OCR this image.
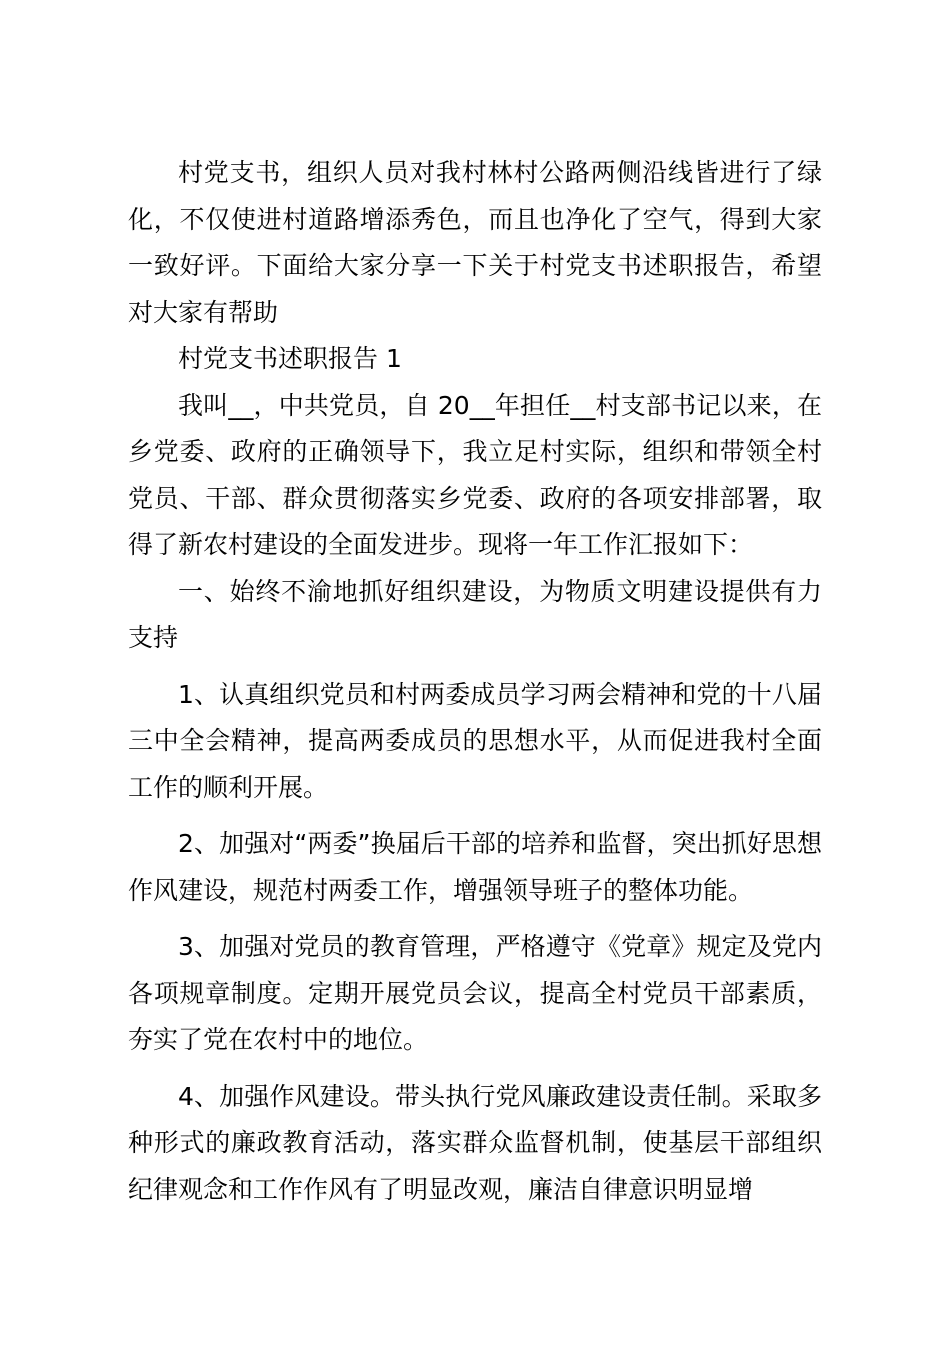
村党支书，组织人员对我村林村公路两侧沿线皆进行了绿化，不仅使进村道路增添秀色，而且也净化了空气，得到大家一致好评。下面给大家分享一下关于村党支书述职报告，希望对大家有帮助

村党支书述职报告 1

我叫__，中共党员，自 20__年担任__村支部书记以来，在乡党委、政府的正确领导下，我立足村实际，组织和带领全村党员、干部、群众贯彻落实乡党委、政府的各项安排部署，取得了新农村建设的全面发进步。现将一年工作汇报如下：

一、始终不渝地抓好组织建设，为物质文明建设提供有力支持

1、认真组织党员和村两委成员学习两会精神和党的十八届三中全会精神，提高两委成员的思想水平，从而促进我村全面工作的顺利开展。

2、加强对“两委”换届后干部的培养和监督，突出抓好思想作风建设，规范村两委工作，增强领导班子的整体功能。

3、加强对党员的教育管理，严格遵守《党章》规定及党内各项规章制度。定期开展党员会议，提高全村党员干部素质，夯实了党在农村中的地位。

4、加强作风建设。带头执行党风廉政建设责任制。采取多种形式的廉政教育活动，落实群众监督机制，使基层干部组织纪律观念和工作作风有了明显改观，廉洁自律意识明显增
